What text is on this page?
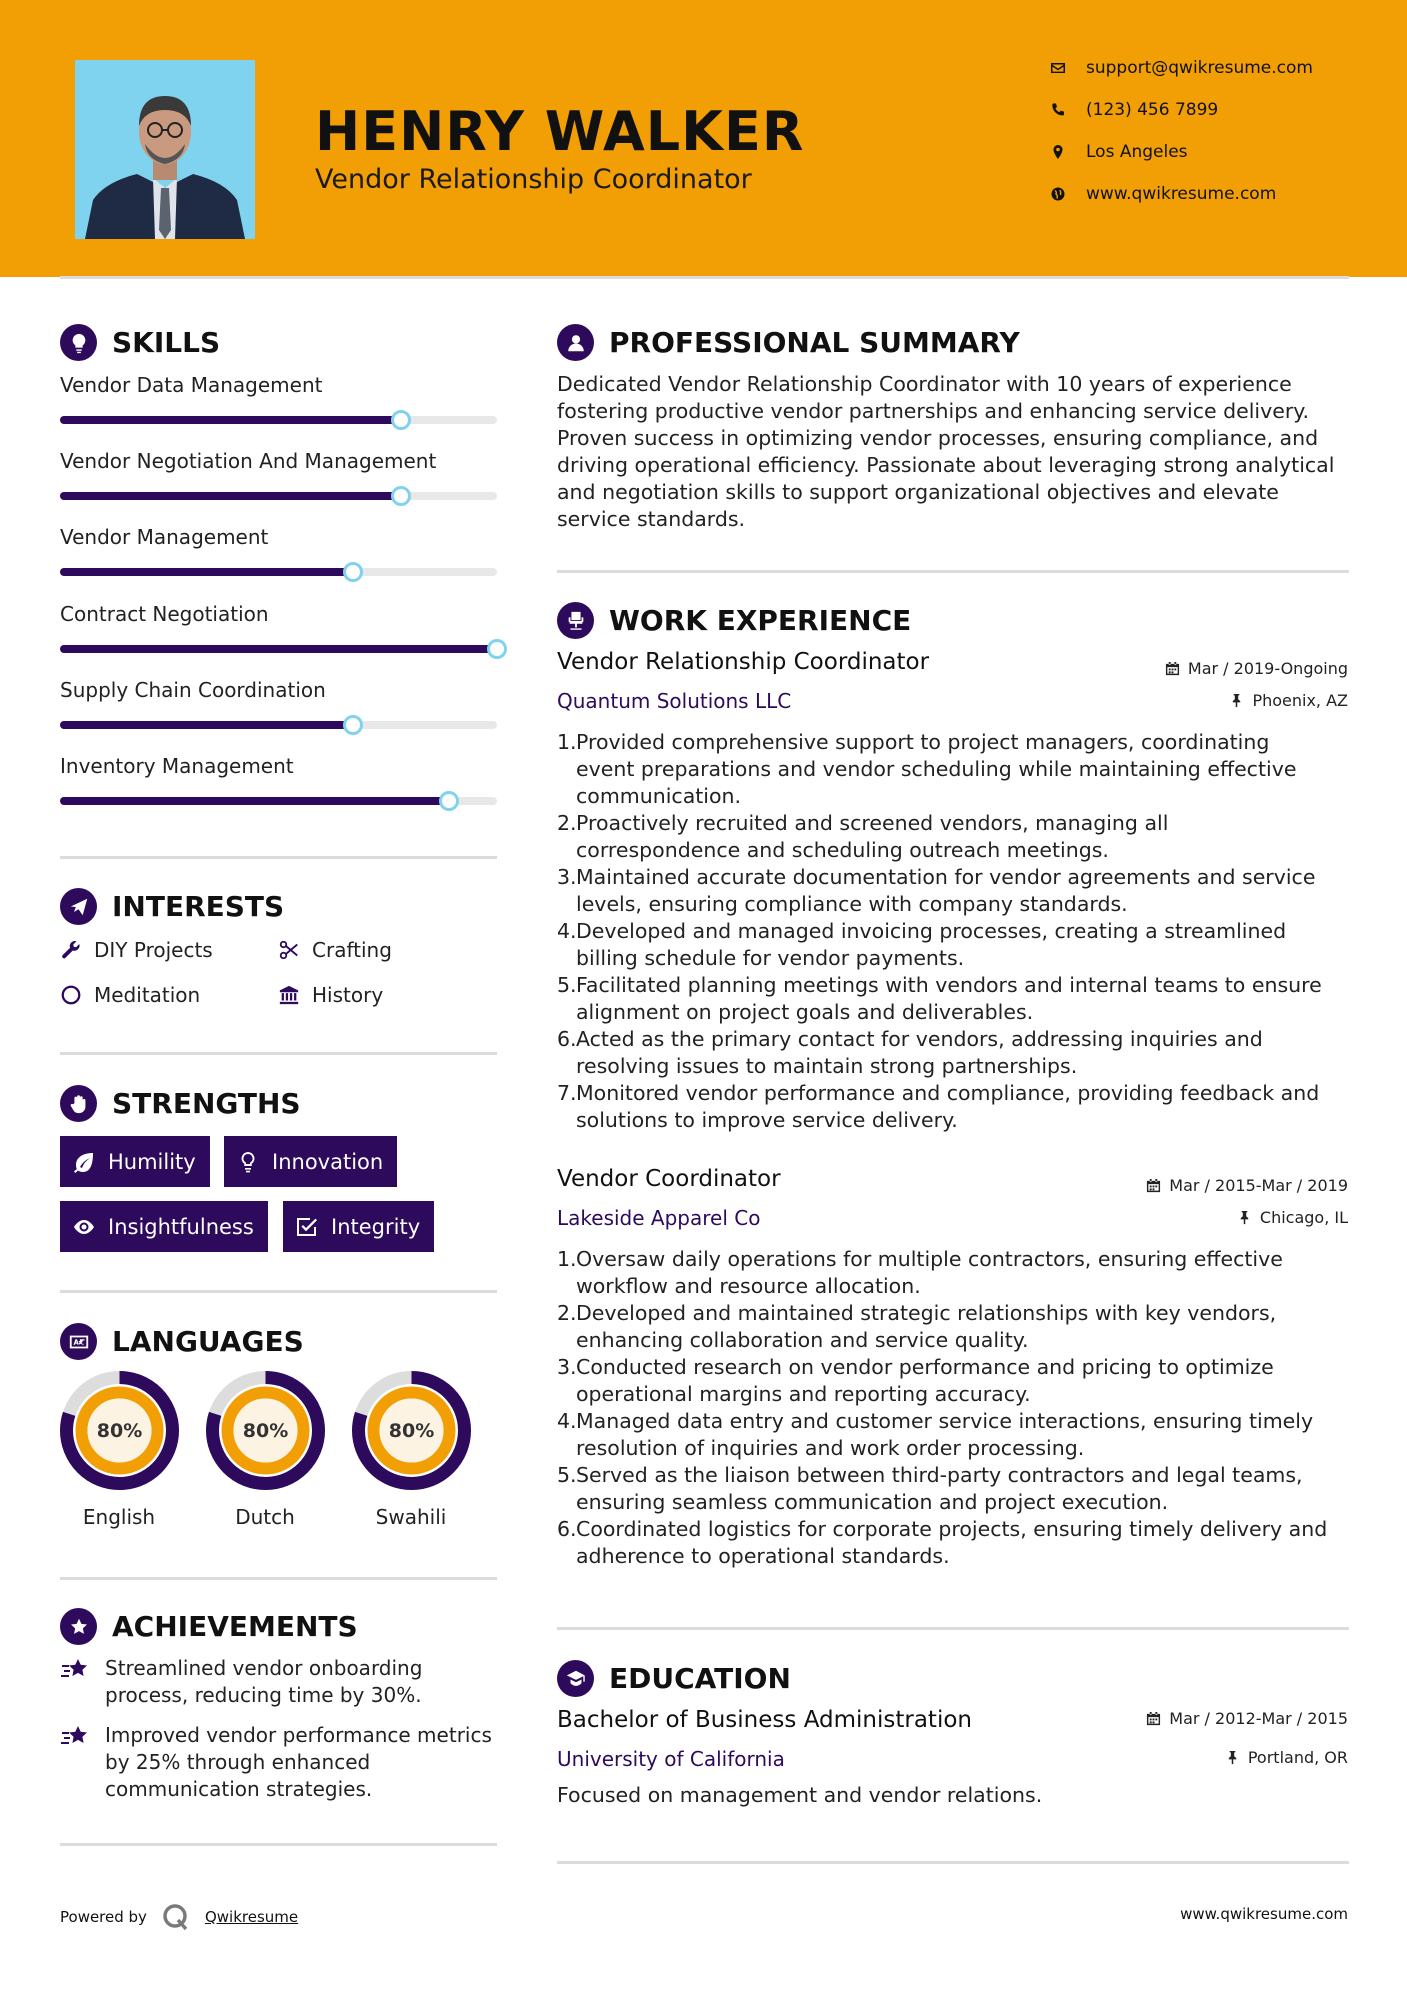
HENRY WALKER
Vendor Relationship Coordinator
support@qwikresume.com
(123) 456 7899
Los Angeles
www.qwikresume.com
SKILLS
Vendor Data Management
Vendor Negotiation And Management
Vendor Management
Contract Negotiation
Supply Chain Coordination
Inventory Management
INTERESTS
DIY Projects	Crafting
Meditation	History
STRENGTHS
Humility	Innovation
Insightfulness	Integrity
LANGUAGES
80%
English
80%
Dutch
80%
Swahili
ACHIEVEMENTS
Streamlined vendor onboarding process, reducing time by 30%.
Improved vendor performance metrics by 25% through enhanced communication strategies.
PROFESSIONAL SUMMARY
Dedicated Vendor Relationship Coordinator with 10 years of experience
fostering productive vendor partnerships and enhancing service delivery.
Proven success in optimizing vendor processes, ensuring compliance, and
driving operational efficiency. Passionate about leveraging strong analytical
and negotiation skills to support organizational objectives and elevate
service standards.
WORK EXPERIENCE
Vendor Relationship Coordinator	Mar / 2019-Ongoing
Quantum Solutions LLC	Phoenix, AZ
1. Provided comprehensive support to project managers, coordinating
event preparations and vendor scheduling while maintaining effective
communication.
2. Proactively recruited and screened vendors, managing all
correspondence and scheduling outreach meetings.
3. Maintained accurate documentation for vendor agreements and service
levels, ensuring compliance with company standards.
4. Developed and managed invoicing processes, creating a streamlined
billing schedule for vendor payments.
5. Facilitated planning meetings with vendors and internal teams to ensure
alignment on project goals and deliverables.
6. Acted as the primary contact for vendors, addressing inquiries and
resolving issues to maintain strong partnerships.
7. Monitored vendor performance and compliance, providing feedback and
solutions to improve service delivery.
Vendor Coordinator	Mar / 2015-Mar / 2019
Lakeside Apparel Co	Chicago, IL
1. Oversaw daily operations for multiple contractors, ensuring effective
workflow and resource allocation.
2. Developed and maintained strategic relationships with key vendors,
enhancing collaboration and service quality.
3. Conducted research on vendor performance and pricing to optimize
operational margins and reporting accuracy.
4. Managed data entry and customer service interactions, ensuring timely
resolution of inquiries and work order processing.
5. Served as the liaison between third-party contractors and legal teams,
ensuring seamless communication and project execution.
6. Coordinated logistics for corporate projects, ensuring timely delivery and
adherence to operational standards.
EDUCATION
Bachelor of Business Administration	Mar / 2012-Mar / 2015
University of California	Portland, OR
Focused on management and vendor relations.
Powered by	Qwikresume	www.qwikresume.com
